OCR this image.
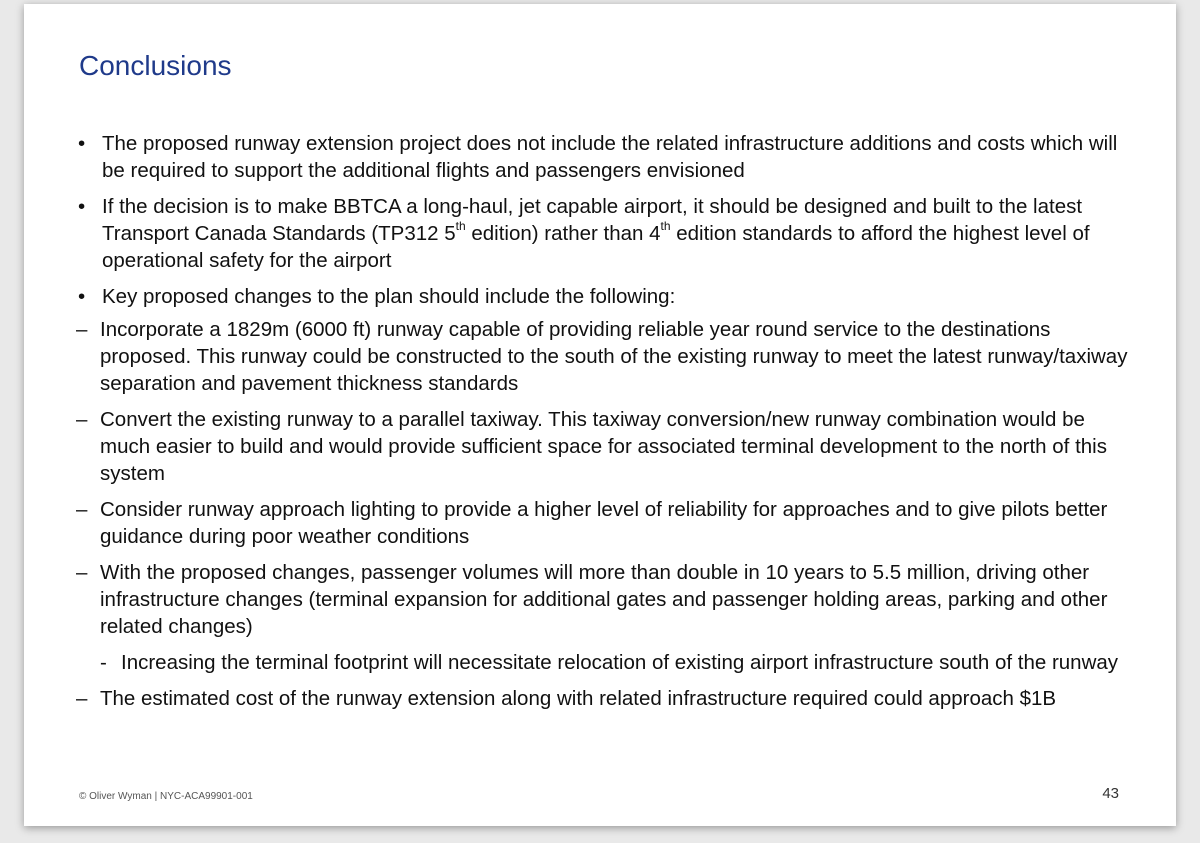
Conclusions
• The proposed runway extension project does not include the related infrastructure additions and costs which will be required to support the additional flights and passengers envisioned
• If the decision is to make BBTCA a long-haul, jet capable airport, it should be designed and built to the latest Transport Canada Standards (TP312 5th edition) rather than 4th edition standards to afford the highest level of operational safety for the airport
• Key proposed changes to the plan should include the following:
– Incorporate a 1829m (6000 ft) runway capable of providing reliable year round service to the destinations proposed. This runway could be constructed to the south of the existing runway to meet the latest runway/taxiway separation and pavement thickness standards
– Convert the existing runway to a parallel taxiway. This taxiway conversion/new runway combination would be much easier to build and would provide sufficient space for associated terminal development to the north of this system
– Consider runway approach lighting to provide a higher level of reliability for approaches and to give pilots better guidance during poor weather conditions
– With the proposed changes, passenger volumes will more than double in 10 years to 5.5 million, driving other infrastructure changes (terminal expansion for additional gates and passenger holding areas, parking and other related changes)
- Increasing the terminal footprint will necessitate relocation of existing airport infrastructure south of the runway
– The estimated cost of the runway extension along with related infrastructure required could approach $1B
© Oliver Wyman | NYC-ACA99901-001	43
